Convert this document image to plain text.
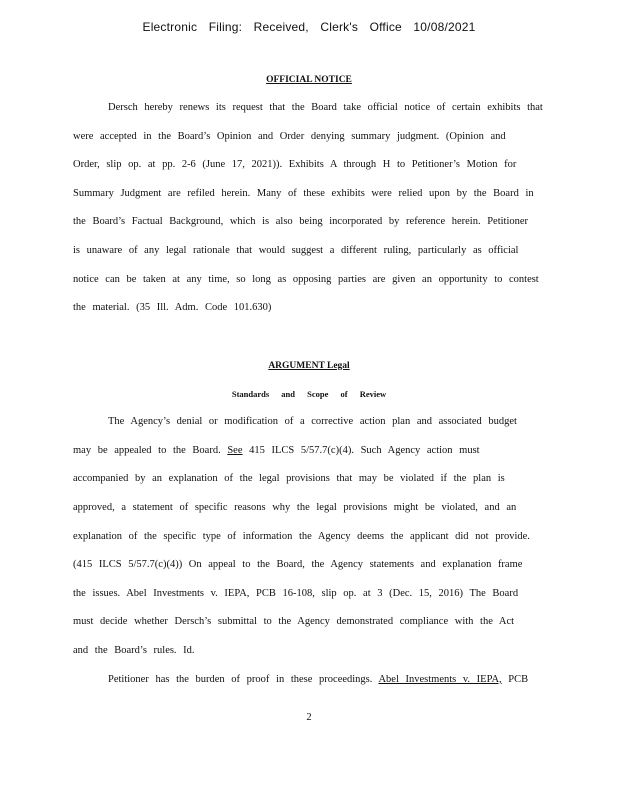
Electronic Filing: Received, Clerk's Office 10/08/2021
OFFICIAL NOTICE
Dersch hereby renews its request that the Board take official notice of certain exhibits that
were accepted in the Board’s Opinion and Order denying summary judgment. (Opinion and
Order, slip op. at pp. 2-6 (June 17, 2021)). Exhibits A through H to Petitioner’s Motion for
Summary Judgment are refiled herein. Many of these exhibits were relied upon by the Board in
the Board’s Factual Background, which is also being incorporated by reference herein. Petitioner
is unaware of any legal rationale that would suggest a different ruling, particularly as official
notice can be taken at any time, so long as opposing parties are given an opportunity to contest
the material. (35 Ill. Adm. Code 101.630)
ARGUMENT Legal
Standards and Scope of Review
The Agency’s denial or modification of a corrective action plan and associated budget
may be appealed to the Board. See 415 ILCS 5/57.7(c)(4). Such Agency action must
accompanied by an explanation of the legal provisions that may be violated if the plan is
approved, a statement of specific reasons why the legal provisions might be violated, and an
explanation of the specific type of information the Agency deems the applicant did not provide.
(415 ILCS 5/57.7(c)(4)) On appeal to the Board, the Agency statements and explanation frame
the issues. Abel Investments v. IEPA, PCB 16-108, slip op. at 3 (Dec. 15, 2016) The Board
must decide whether Dersch’s submittal to the Agency demonstrated compliance with the Act
and the Board’s rules. Id.
Petitioner has the burden of proof in these proceedings. Abel Investments v. IEPA, PCB
2
